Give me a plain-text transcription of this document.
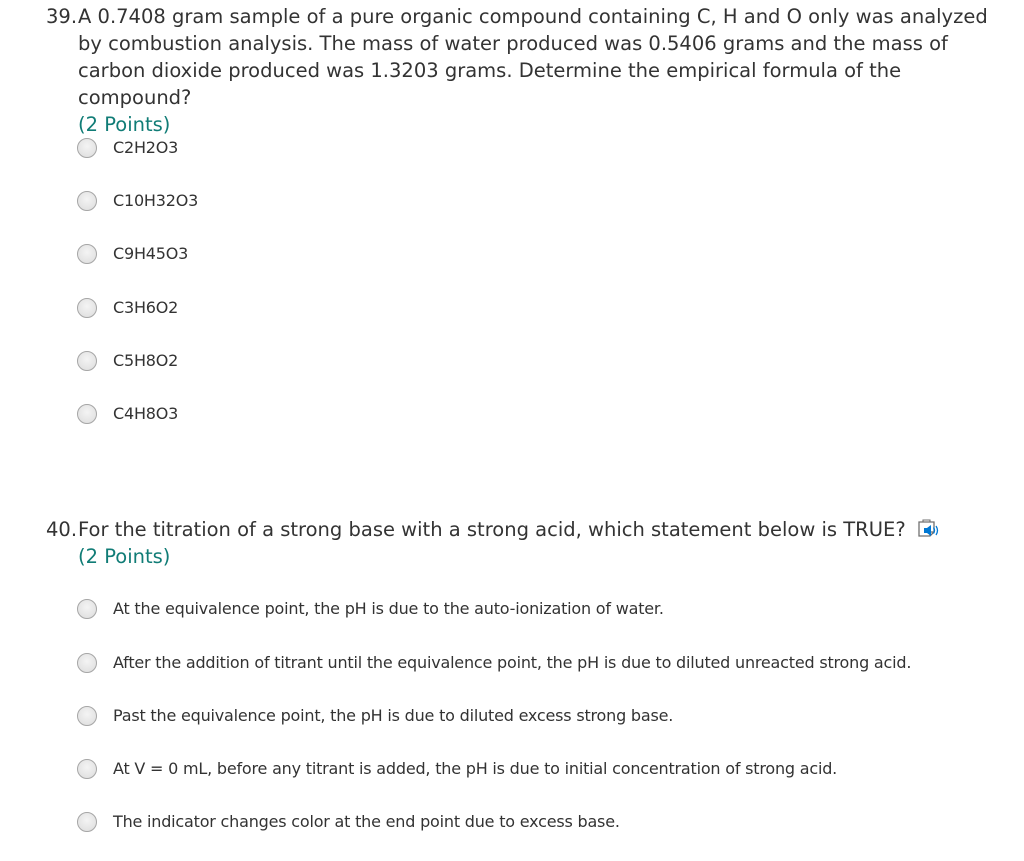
39. A 0.7408 gram sample of a pure organic compound containing C, H and O only was analyzed by combustion analysis. The mass of water produced was 0.5406 grams and the mass of carbon dioxide produced was 1.3203 grams. Determine the empirical formula of the compound?
(2 Points)
C2H2O3
C10H32O3
C9H45O3
C3H6O2
C5H8O2
C4H8O3
40. For the titration of a strong base with a strong acid, which statement below is TRUE?
(2 Points)
At the equivalence point, the pH is due to the auto-ionization of water.
After the addition of titrant until the equivalence point, the pH is due to diluted unreacted strong acid.
Past the equivalence point, the pH is due to diluted excess strong base.
At V = 0 mL, before any titrant is added, the pH is due to initial concentration of strong acid.
The indicator changes color at the end point due to excess base.
